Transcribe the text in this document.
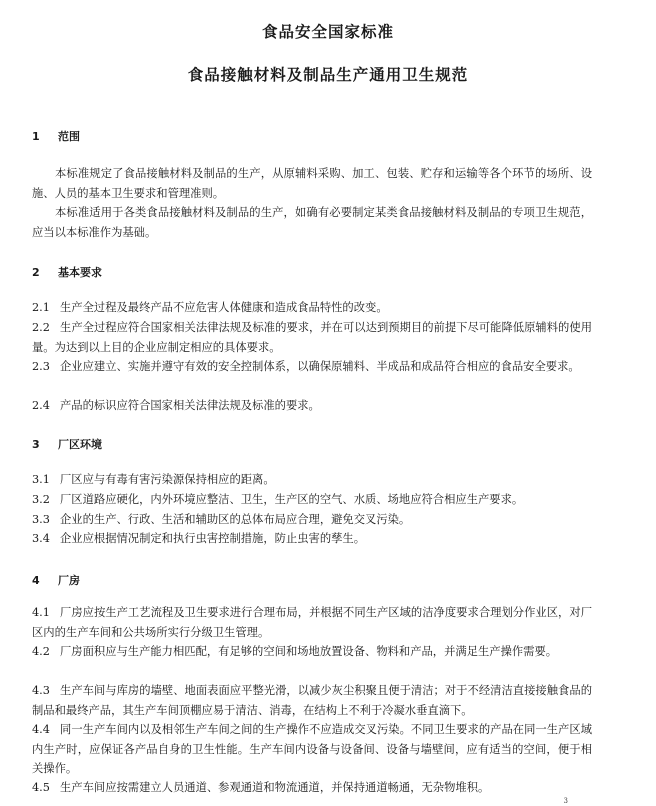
食品安全国家标准
食品接触材料及制品生产通用卫生规范
1 范围

本标准规定了食品接触材料及制品的生产，从原辅料采购、加工、包装、贮存和运输等各个环节的场所、设施、人员的基本卫生要求和管理准则。

本标准适用于各类食品接触材料及制品的生产，如确有必要制定某类食品接触材料及制品的专项卫生规范，应当以本标准作为基础。

2 基本要求

2.1 生产全过程及最终产品不应危害人体健康和造成食品特性的改变。

2.2 生产全过程应符合国家相关法律法规及标准的要求，并在可以达到预期目的前提下尽可能降低原辅料的使用量。为达到以上目的企业应制定相应的具体要求。

2.3 企业应建立、实施并遵守有效的安全控制体系，以确保原辅料、半成品和成品符合相应的食品安全要求。

2.4 产品的标识应符合国家相关法律法规及标准的要求。

3 厂区环境

3.1 厂区应与有毒有害污染源保持相应的距离。

3.2 厂区道路应硬化，内外环境应整洁、卫生，生产区的空气、水质、场地应符合相应生产要求。

3.3 企业的生产、行政、生活和辅助区的总体布局应合理，避免交叉污染。

3.4 企业应根据情况制定和执行虫害控制措施，防止虫害的孳生。

4 厂房

4.1 厂房应按生产工艺流程及卫生要求进行合理布局，并根据不同生产区域的洁净度要求合理划分作业区，对厂区内的生产车间和公共场所实行分级卫生管理。

4.2 厂房面积应与生产能力相匹配，有足够的空间和场地放置设备、物料和产品，并满足生产操作需要。

4.3 生产车间与库房的墙壁、地面表面应平整光滑，以减少灰尘积聚且便于清洁；对于不经清洁直接接触食品的制品和最终产品，其生产车间顶棚应易于清洁、消毒，在结构上不利于冷凝水垂直滴下。

4.4 同一生产车间内以及相邻生产车间之间的生产操作不应造成交叉污染。不同卫生要求的产品在同一生产区域内生产时，应保证各产品自身的卫生性能。生产车间内设备与设备间、设备与墙壁间，应有适当的空间，便于相关操作。

4.5 生产车间应按需建立人员通道、参观通道和物流通道，并保持通道畅通，无杂物堆积。

3
